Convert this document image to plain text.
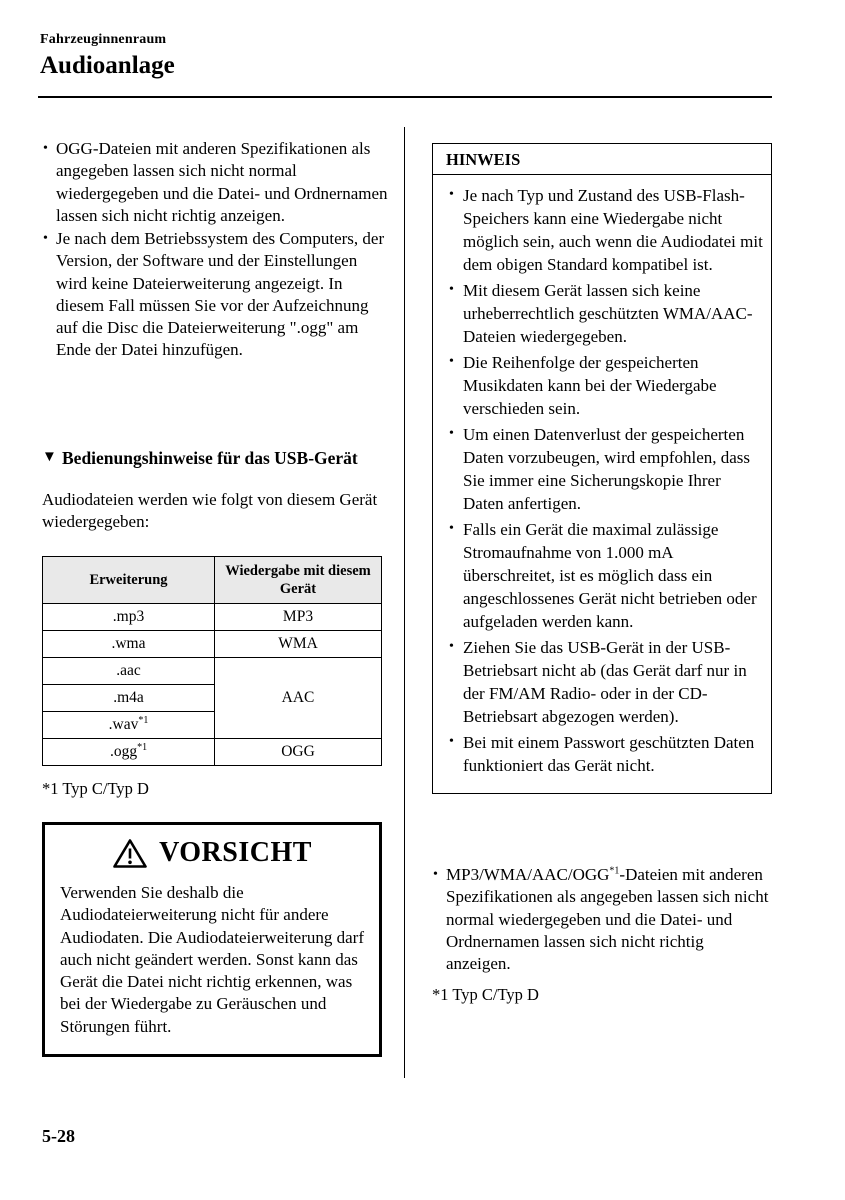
Fahrzeuginnenraum
Audioanlage
• OGG-Dateien mit anderen Spezifikationen als angegeben lassen sich nicht normal wiedergegeben und die Datei- und Ordnernamen lassen sich nicht richtig anzeigen.
• Je nach dem Betriebssystem des Computers, der Version, der Software und der Einstellungen wird keine Dateierweiterung angezeigt. In diesem Fall müssen Sie vor der Aufzeichnung auf die Disc die Dateierweiterung ".ogg" am Ende der Datei hinzufügen.
▼ Bedienungshinweise für das USB-Gerät

Audiodateien werden wie folgt von diesem Gerät wiedergegeben:

Erweiterung	Wiedergabe mit diesem Gerät
.mp3	MP3
.wma	WMA
.aac	AAC
.m4a	
.wav$^{*1}$
.ogg$^{*1}$	OGG
*1 Typ C/Typ D
VORSICHT

Verwenden Sie deshalb die Audiodateierweiterung nicht für andere Audiodaten. Die Audiodateierweiterung darf auch nicht geändert werden. Sonst kann das Gerät die Datei nicht richtig erkennen, was bei der Wiedergabe zu Geräuschen und Störungen führt.

HINWEIS
• Je nach Typ und Zustand des USB-Flash-Speichers kann eine Wiedergabe nicht möglich sein, auch wenn die Audiodatei mit dem obigen Standard kompatibel ist.
• Mit diesem Gerät lassen sich keine urheberrechtlich geschützten WMA/AAC-Dateien wiedergegeben.
• Die Reihenfolge der gespeicherten Musikdaten kann bei der Wiedergabe verschieden sein.
• Um einen Datenverlust der gespeicherten Daten vorzubeugen, wird empfohlen, dass Sie immer eine Sicherungskopie Ihrer Daten anfertigen.
• Falls ein Gerät die maximal zulässige Stromaufnahme von 1.000 mA überschreitet, ist es möglich dass ein angeschlossenes Gerät nicht betrieben oder aufgeladen werden kann.
• Ziehen Sie das USB-Gerät in der USB-Betriebsart nicht ab (das Gerät darf nur in der FM/AM Radio- oder in der CD-Betriebsart abgezogen werden).
• Bei mit einem Passwort geschützten Daten funktioniert das Gerät nicht.
• MP3/WMA/AAC/OGG$^{*1}$-Dateien mit anderen Spezifikationen als angegeben lassen sich nicht normal wiedergegeben und die Datei- und Ordnernamen lassen sich nicht richtig anzeigen.
*1 Typ C/Typ D
5-28
